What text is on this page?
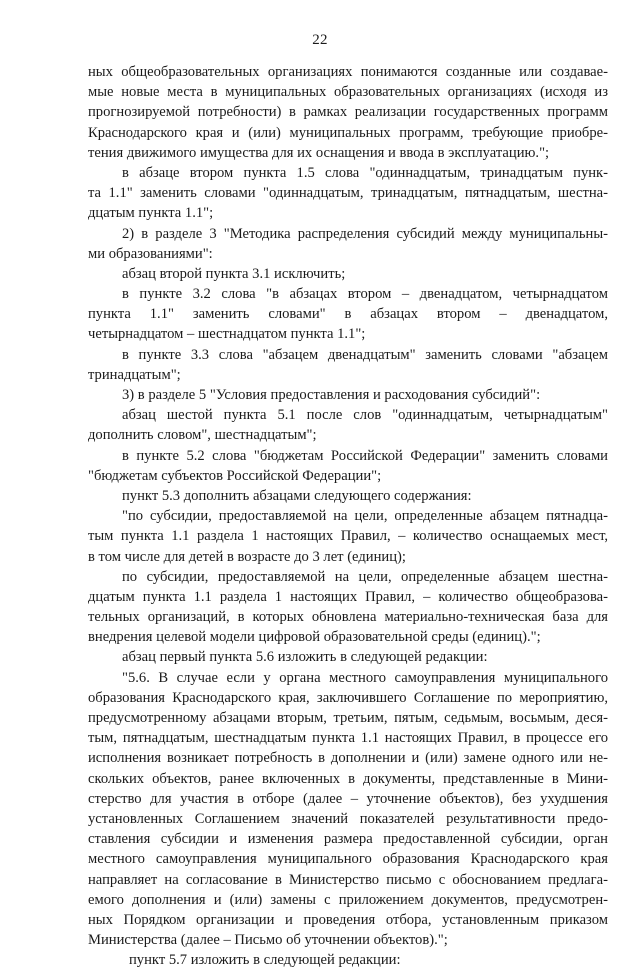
22
ных общеобразовательных организациях понимаются созданные или создавае-
мые новые места в муниципальных образовательных организациях (исходя из
прогнозируемой потребности) в рамках реализации государственных программ
Краснодарского края и (или) муниципальных программ, требующие приобре-
тения движимого имущества для их оснащения и ввода в эксплуатацию.";
в абзаце втором пункта 1.5 слова "одиннадцатым, тринадцатым пунк-
та 1.1" заменить словами "одиннадцатым, тринадцатым, пятнадцатым, шестна-
дцатым пункта 1.1";
2) в разделе 3 "Методика распределения субсидий между муниципальны-
ми образованиями":
абзац второй пункта 3.1 исключить;
в пункте 3.2 слова "в абзацах втором – двенадцатом, четырнадцатом
пункта 1.1" заменить словами" в абзацах втором – двенадцатом,
четырнадцатом – шестнадцатом пункта 1.1";
в пункте 3.3 слова "абзацем двенадцатым" заменить словами "абзацем
тринадцатым";
3) в разделе 5 "Условия предоставления и расходования субсидий":
абзац шестой пункта 5.1 после слов "одиннадцатым, четырнадцатым"
дополнить словом", шестнадцатым";
в пункте 5.2 слова "бюджетам Российской Федерации" заменить словами
"бюджетам субъектов Российской Федерации";
пункт 5.3 дополнить абзацами следующего содержания:
"по субсидии, предоставляемой на цели, определенные абзацем пятнадца-
тым пункта 1.1 раздела 1 настоящих Правил, – количество оснащаемых мест,
в том числе для детей в возрасте до 3 лет (единиц);
по субсидии, предоставляемой на цели, определенные абзацем шестна-
дцатым пункта 1.1 раздела 1 настоящих Правил, – количество общеобразова-
тельных организаций, в которых обновлена материально-техническая база для
внедрения целевой модели цифровой образовательной среды (единиц).";
абзац первый пункта 5.6 изложить в следующей редакции:
"5.6. В случае если у органа местного самоуправления муниципального
образования Краснодарского края, заключившего Соглашение по мероприятию,
предусмотренному абзацами вторым, третьим, пятым, седьмым, восьмым, деся-
тым, пятнадцатым, шестнадцатым пункта 1.1 настоящих Правил, в процессе его
исполнения возникает потребность в дополнении и (или) замене одного или не-
скольких объектов, ранее включенных в документы, представленные в Мини-
стерство для участия в отборе (далее – уточнение объектов), без ухудшения
установленных Соглашением значений показателей результативности предо-
ставления субсидии и изменения размера предоставленной субсидии, орган
местного самоуправления муниципального образования Краснодарского края
направляет на согласование в Министерство письмо с обоснованием предлага-
емого дополнения и (или) замены с приложением документов, предусмотрен-
ных Порядком организации и проведения отбора, установленным приказом
Министерства (далее – Письмо об уточнении объектов).";
пункт 5.7 изложить в следующей редакции:
